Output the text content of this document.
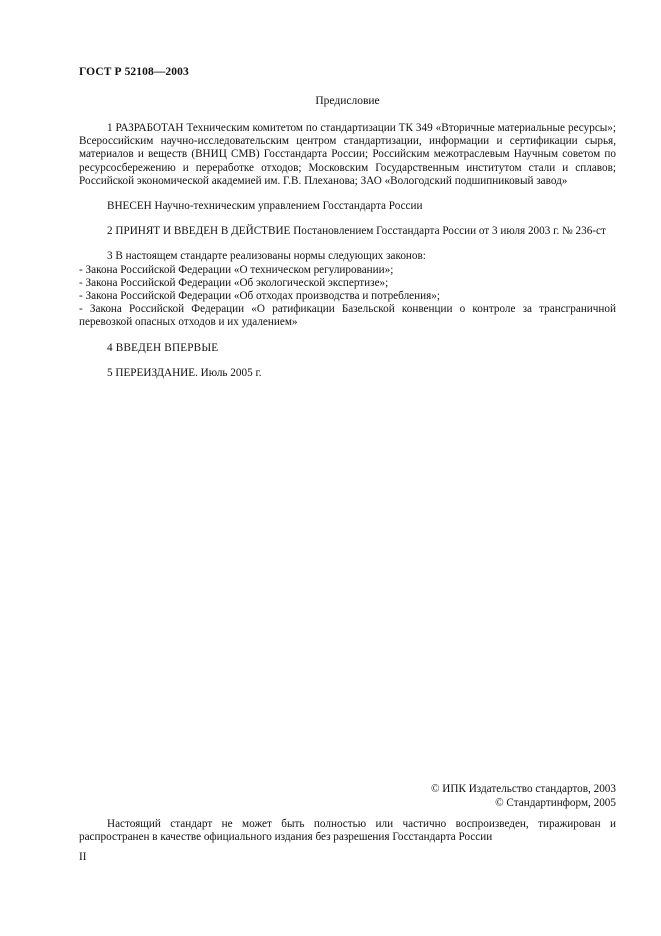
ГОСТ Р 52108—2003
Предисловие

1 РАЗРАБОТАН Техническим комитетом по стандартизации ТК 349 «Вторичные материальные ресурсы»; Всероссийским научно-исследовательским центром стандартизации, информации и сертификации сырья, материалов и веществ (ВНИЦ СМВ) Госстандарта России; Российским межотраслевым Научным советом по ресурсосбережению и переработке отходов; Московским Государственным институтом стали и сплавов; Российской экономической академией им. Г.В. Плеханова; ЗАО «Вологодский подшипниковый завод»

ВНЕСЕН Научно-техническим управлением Госстандарта России

2 ПРИНЯТ И ВВЕДЕН В ДЕЙСТВИЕ Постановлением Госстандарта России от 3 июля 2003 г. № 236-ст

3 В настоящем стандарте реализованы нормы следующих законов:

- Закона Российской Федерации «О техническом регулировании»;
- Закона Российской Федерации «Об экологической экспертизе»;
- Закона Российской Федерации «Об отходах производства и потребления»;
- Закона Российской Федерации «О ратификации Базельской конвенции о контроле за трансграничной перевозкой опасных отходов и их удалением»

4 ВВЕДЕН ВПЕРВЫЕ

5 ПЕРЕИЗДАНИЕ. Июль 2005 г.

© ИПК Издательство стандартов, 2003
© Стандартинформ, 2005

Настоящий стандарт не может быть полностью или частично воспроизведен, тиражирован и распространен в качестве официального издания без разрешения Госстандарта России

II
